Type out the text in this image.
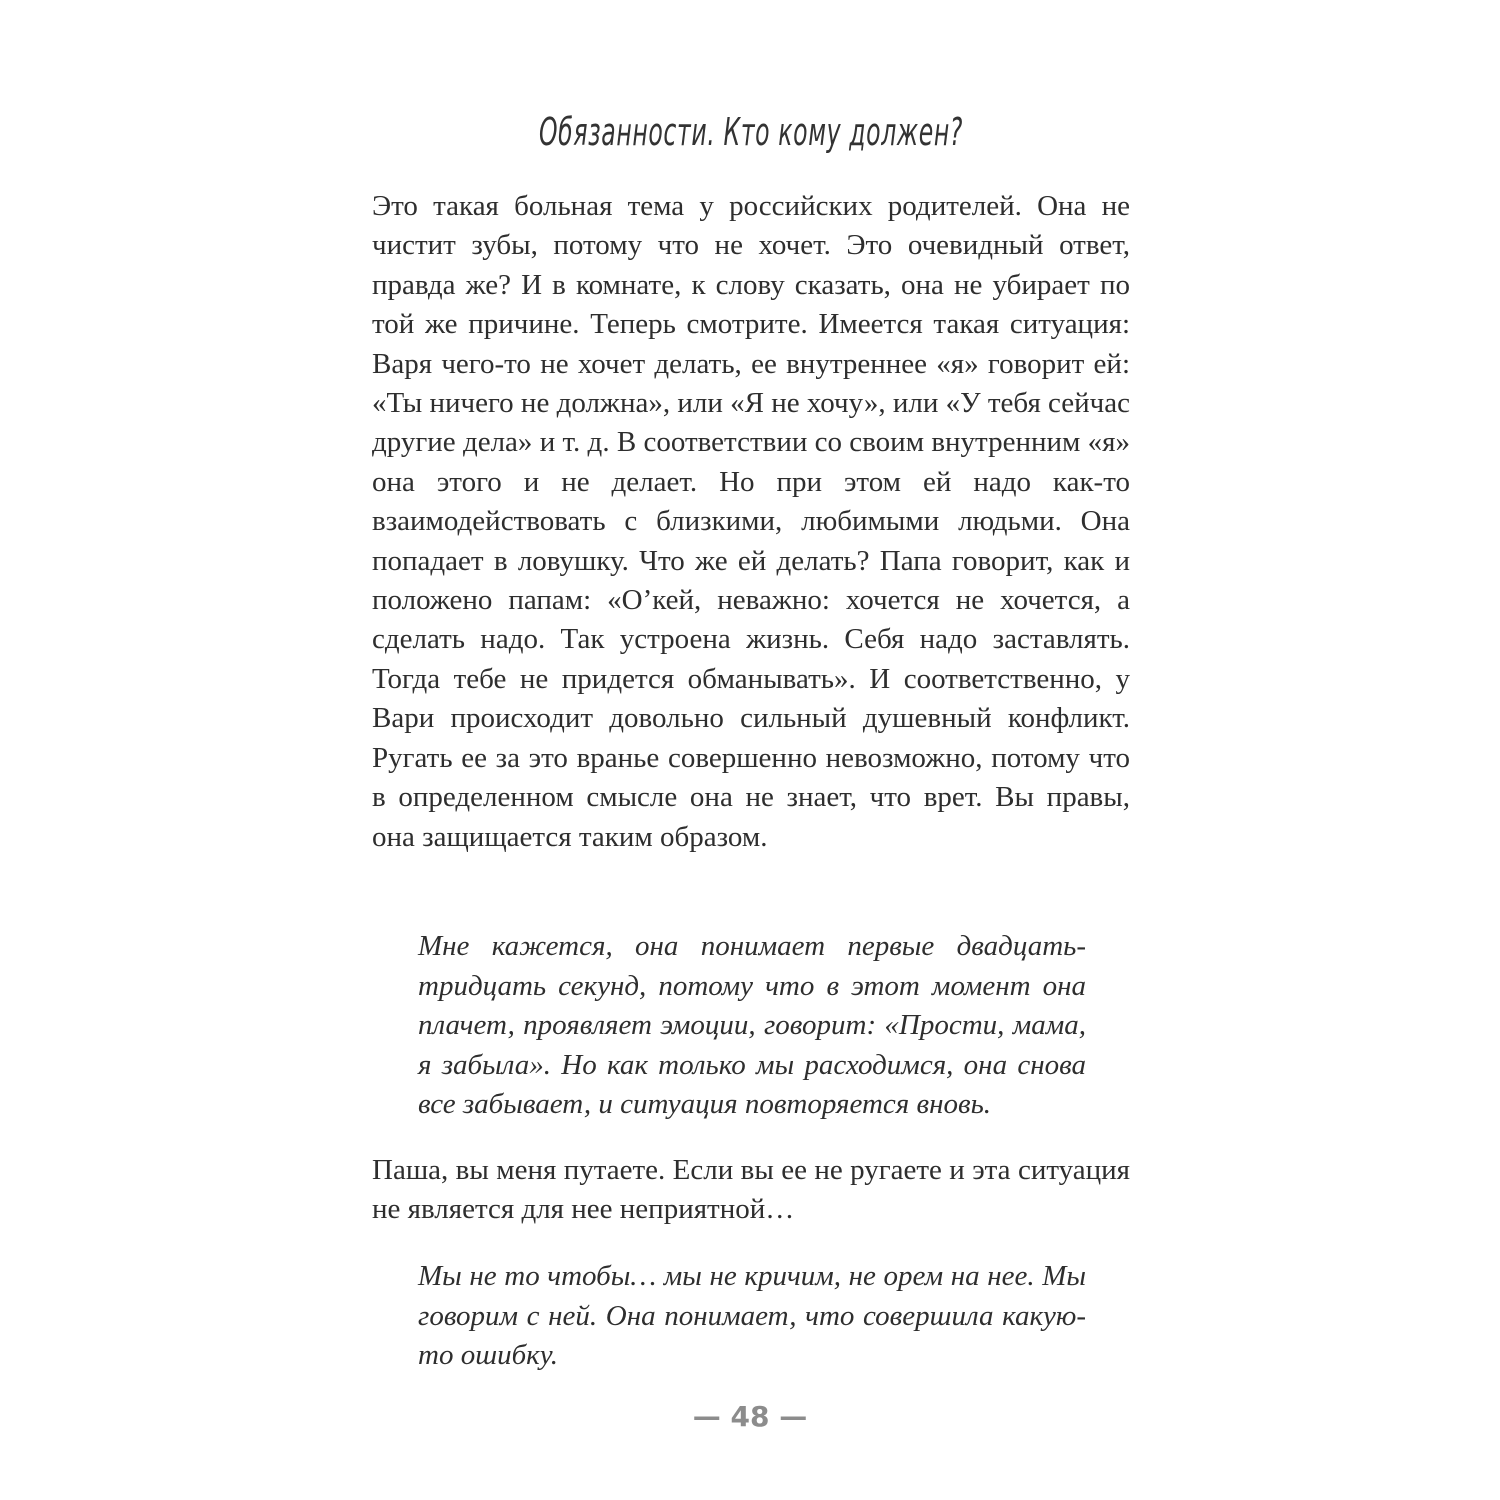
Обязанности. Кто кому должен?

Это такая больная тема у российских родителей. Она не чистит зубы, потому что не хочет. Это очевидный ответ, правда же? И в комнате, к слову сказать, она не убирает по той же причине. Теперь смотрите. Имеется такая ситуация: Варя чего-то не хочет делать, ее внутреннее «я» говорит ей: «Ты ничего не должна», или «Я не хочу», или «У тебя сейчас другие дела» и т. д. В соответствии со своим внутренним «я» она этого и не делает. Но при этом ей надо как-то взаимодействовать с близкими, любимыми людьми. Она попадает в ловушку. Что же ей делать? Папа говорит, как и положено папам: «О’кей, неважно: хочется не хочется, а сделать надо. Так устроена жизнь. Себя надо заставлять. Тогда тебе не придется обманывать». И соответственно, у Вари происходит довольно сильный душевный конфликт. Ругать ее за это вранье совершенно невозможно, потому что в определенном смысле она не знает, что врет. Вы правы, она защищается таким образом.

Мне кажется, она понимает первые двадцать-тридцать секунд, потому что в этот момент она плачет, проявляет эмоции, говорит: «Прости, мама, я забыла». Но как только мы расходимся, она снова все забывает, и ситуация повторяется вновь.

Паша, вы меня путаете. Если вы ее не ругаете и эта ситуация не является для нее неприятной…

Мы не то чтобы… мы не кричим, не орем на нее. Мы говорим с ней. Она понимает, что совершила какую-то ошибку.

— 48 —
